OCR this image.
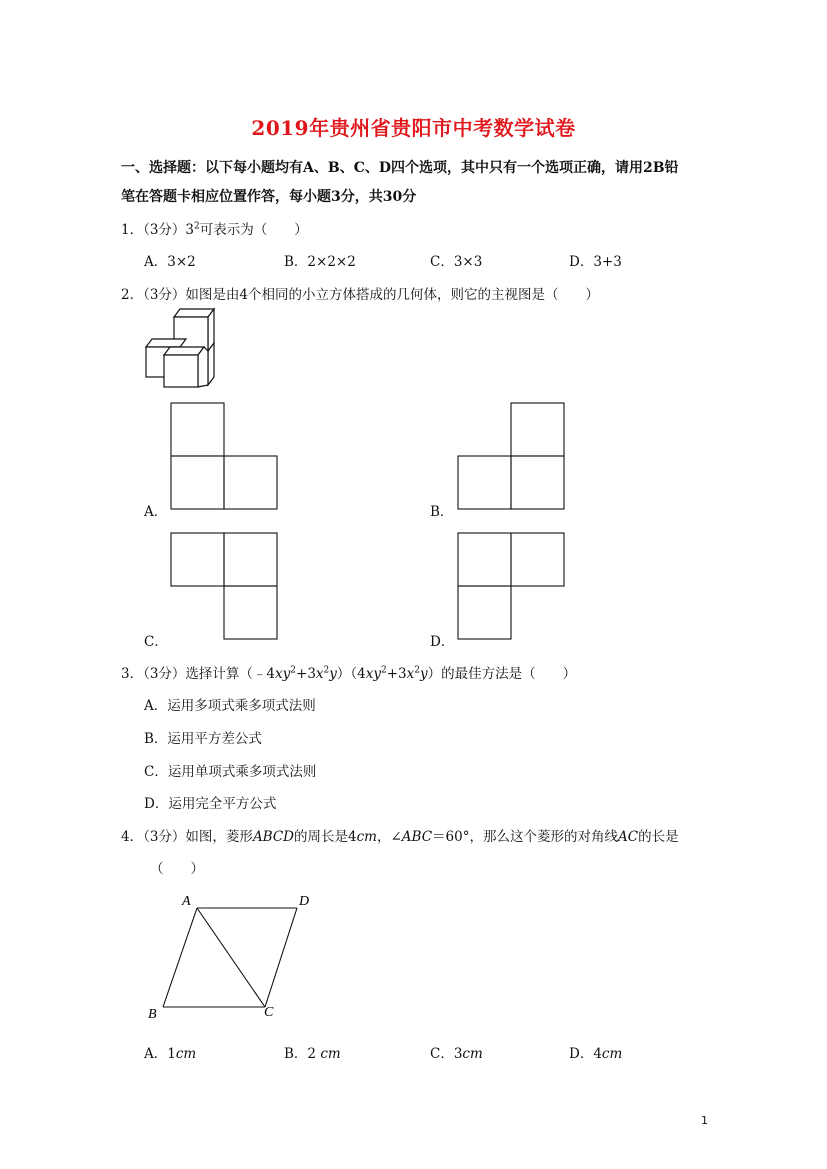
2019年贵州省贵阳市中考数学试卷
一、选择题：以下每小题均有A、B、C、D四个选项，其中只有一个选项正确，请用2B铅
笔在答题卡相应位置作答，每小题3分，共30分
1．（3分）$3^2$可表示为（　　）
A．3×2	B．2×2×2	C．3×3	D．3+3
2．（3分）如图是由4个相同的小立方体搭成的几何体，则它的主视图是（　　）
A．	B．
C．	D．
3．（3分）选择计算$(﹣4xy^2+3x^2y)(4xy^2+3x^2y)$的最佳方法是（　　）
A．运用多项式乘多项式法则
B．运用平方差公式
C．运用单项式乘多项式法则
D．运用完全平方公式
4．（3分）如图，菱形ABCD的周长是4cm，∠ABC＝60°，那么这个菱形的对角线AC的长是
（　　）
A	D
B	C
A．1cm	B．2 cm	C．3cm	D．4cm
1
